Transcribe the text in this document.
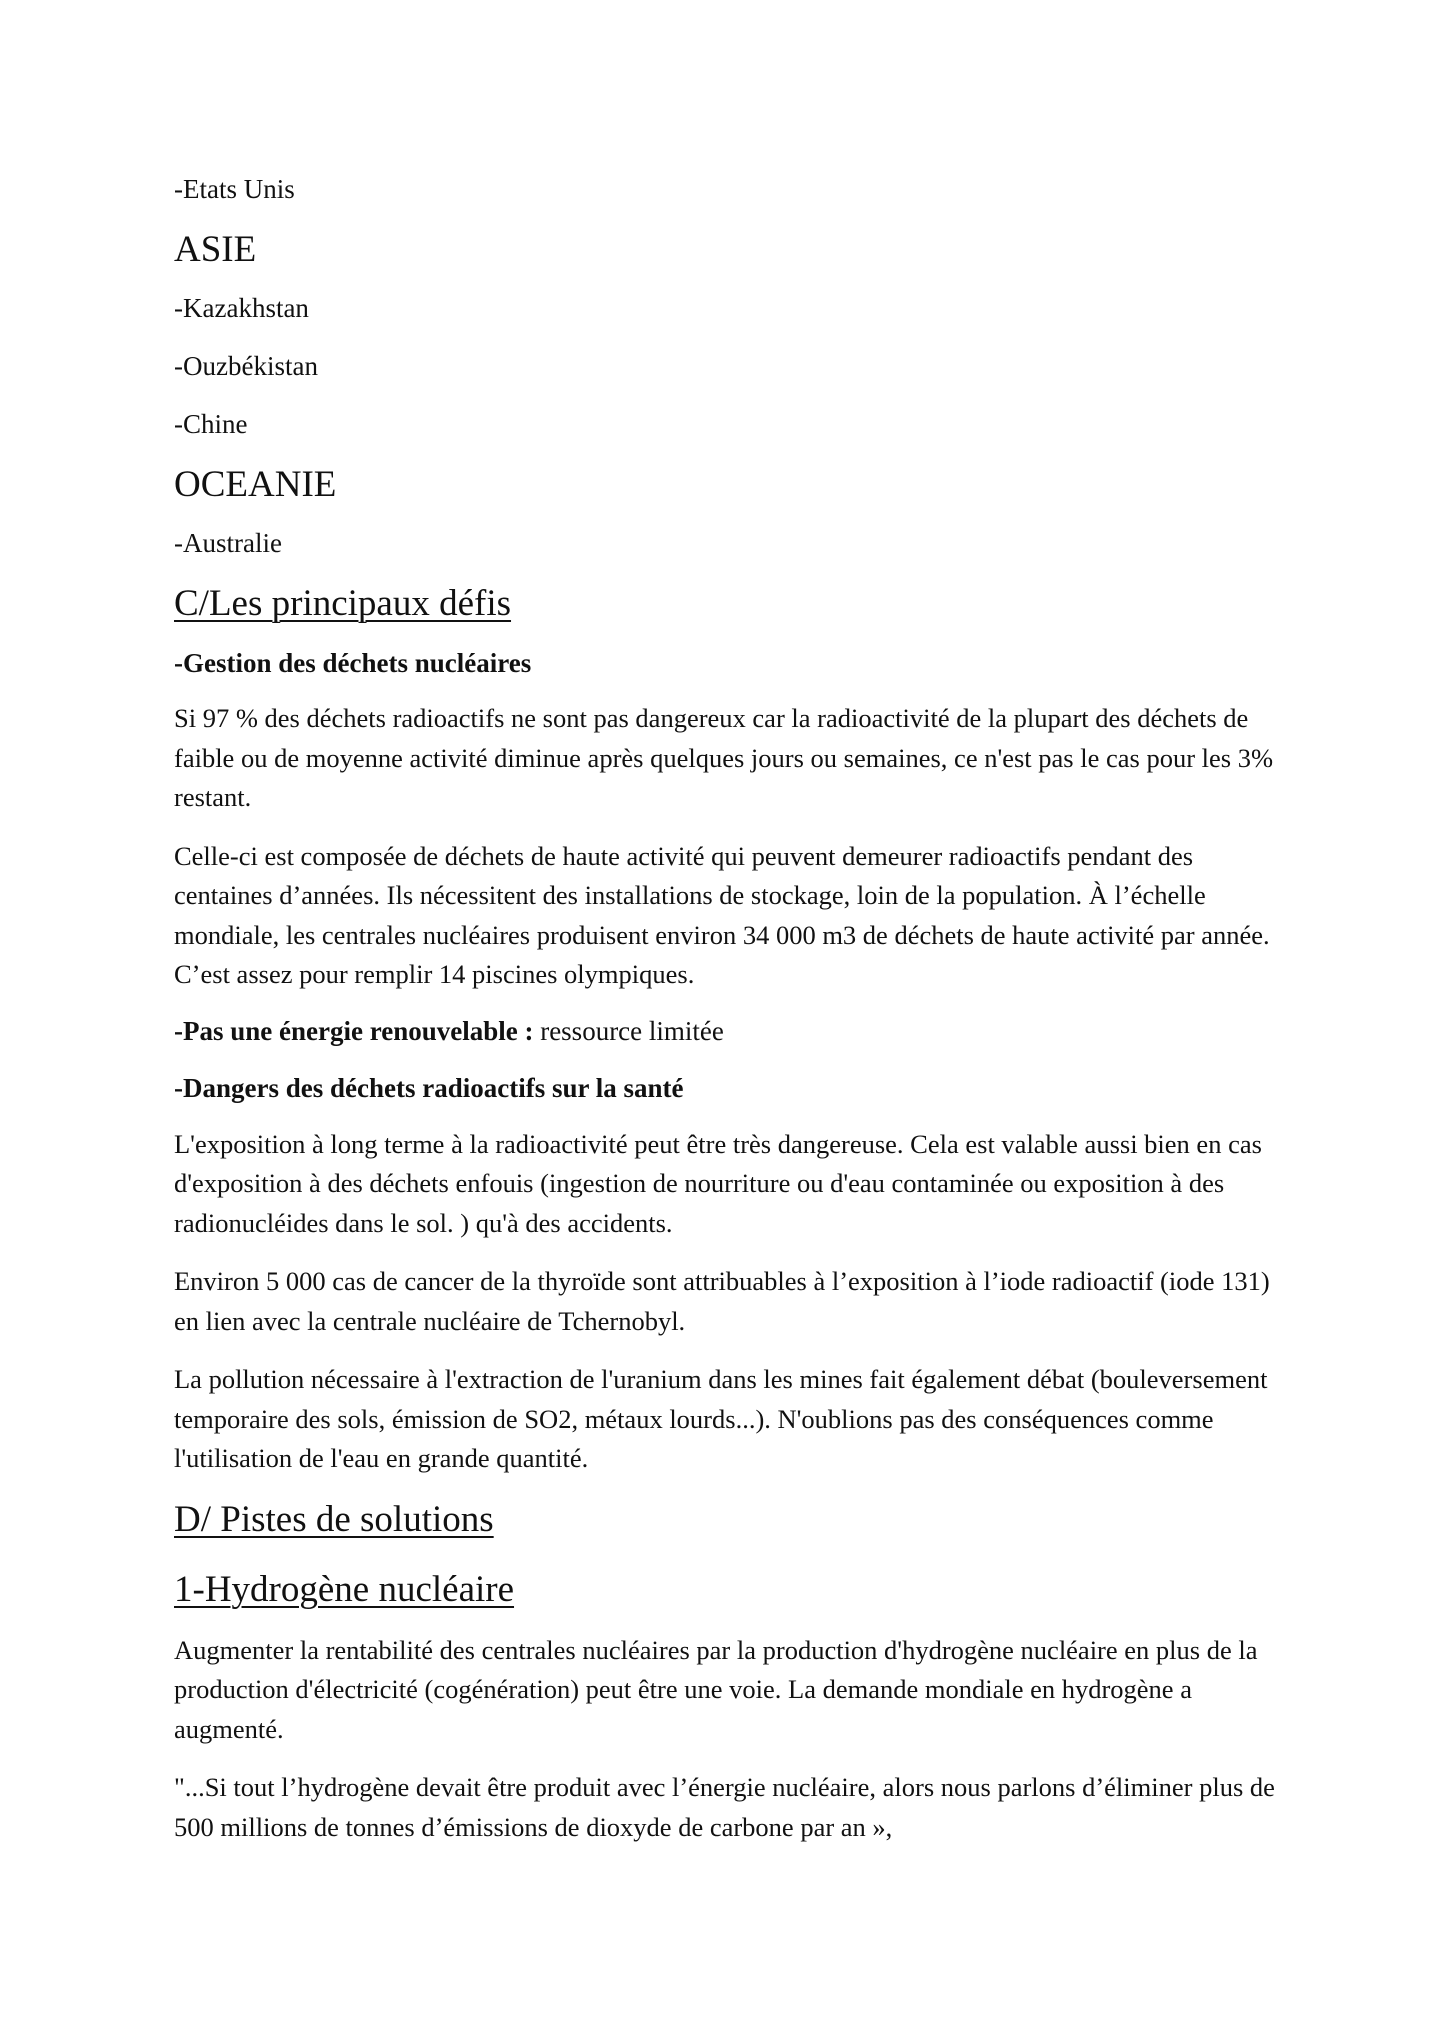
-Etats Unis

ASIE

-Kazakhstan

-Ouzbékistan

-Chine

OCEANIE

-Australie

C/Les principaux défis

-Gestion des déchets nucléaires

Si 97 % des déchets radioactifs ne sont pas dangereux car la radioactivité de la plupart des déchets de faible ou de moyenne activité diminue après quelques jours ou semaines, ce n'est pas le cas pour les 3% restant.

Celle-ci est composée de déchets de haute activité qui peuvent demeurer radioactifs pendant des centaines d’années. Ils nécessitent des installations de stockage, loin de la population. À l’échelle mondiale, les centrales nucléaires produisent environ 34 000 m3 de déchets de haute activité par année. C’est assez pour remplir 14 piscines olympiques.

-Pas une énergie renouvelable : ressource limitée

-Dangers des déchets radioactifs sur la santé

L'exposition à long terme à la radioactivité peut être très dangereuse. Cela est valable aussi bien en cas d'exposition à des déchets enfouis (ingestion de nourriture ou d'eau contaminée ou exposition à des radionucléides dans le sol. ) qu'à des accidents.

Environ 5 000 cas de cancer de la thyroïde sont attribuables à l’exposition à l’iode radioactif (iode 131) en lien avec la centrale nucléaire de Tchernobyl.

La pollution nécessaire à l'extraction de l'uranium dans les mines fait également débat (bouleversement temporaire des sols, émission de SO2, métaux lourds...). N'oublions pas des conséquences comme l'utilisation de l'eau en grande quantité.

D/ Pistes de solutions

1-Hydrogène nucléaire

Augmenter la rentabilité des centrales nucléaires par la production d'hydrogène nucléaire en plus de la production d'électricité (cogénération) peut être une voie. La demande mondiale en hydrogène a augmenté.

"...Si tout l’hydrogène devait être produit avec l’énergie nucléaire, alors nous parlons d’éliminer plus de 500 millions de tonnes d’émissions de dioxyde de carbone par an »,
